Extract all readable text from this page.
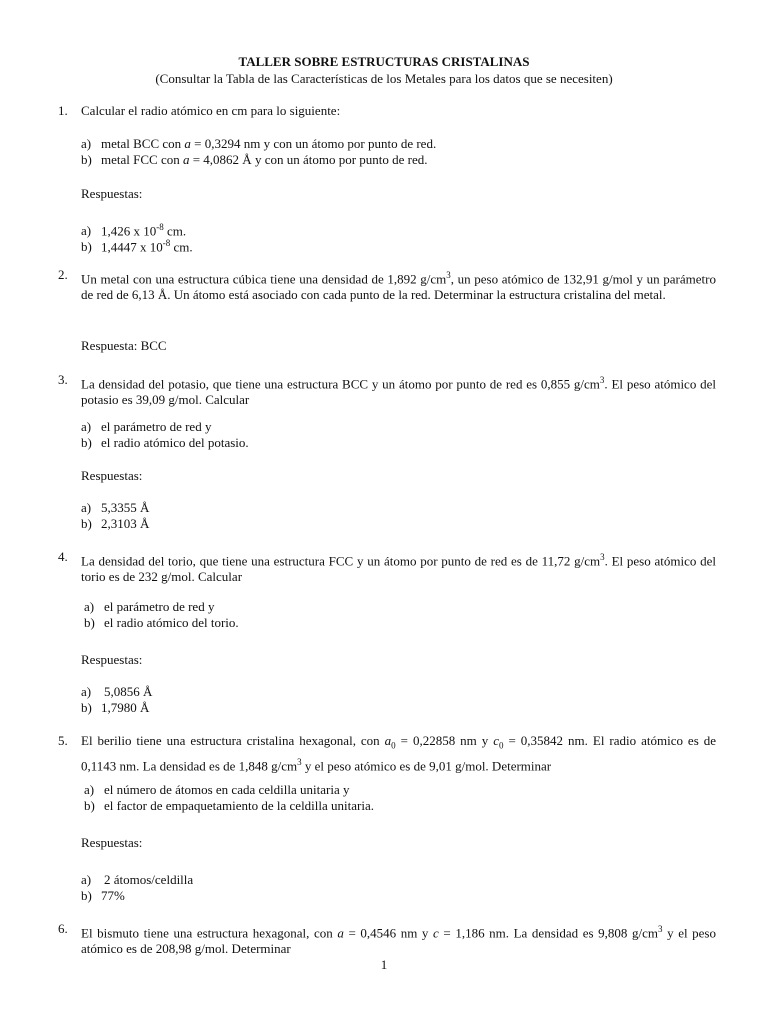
TALLER SOBRE ESTRUCTURAS CRISTALINAS
(Consultar la Tabla de las Características de los Metales para los datos que se necesiten)
1.	Calcular el radio atómico en cm para lo siguiente:
a) metal BCC con a = 0,3294 nm y con un átomo por punto de red.
b) metal FCC con a = 4,0862 Å y con un átomo por punto de red.
Respuestas:
a) 1,426 x $10^{-8}$ cm.
b) 1,4447 x $10^{-8}$ cm.
2.	Un metal con una estructura cúbica tiene una densidad de 1,892 $g/cm^3$, un peso atómico de 132,91 g/mol y un parámetro de red de 6,13 Å. Un átomo está asociado con cada punto de la red. Determinar la estructura cristalina del metal.
Respuesta: BCC
3.	La densidad del potasio, que tiene una estructura BCC y un átomo por punto de red es 0,855 $g/cm^3$. El peso atómico del potasio es 39,09 g/mol. Calcular
a) el parámetro de red y
b) el radio atómico del potasio.
Respuestas:
a) 5,3355 Å
b) 2,3103 Å
4.	La densidad del torio, que tiene una estructura FCC y un átomo por punto de red es de 11,72 $g/cm^3$. El peso atómico del torio es de 232 g/mol. Calcular
a) el parámetro de red y
b) el radio atómico del torio.
Respuestas:
a) 5,0856 Å
b) 1,7980 Å
5.	El berilio tiene una estructura cristalina hexagonal, con $a_0 = 0,22858$ nm y $c_0 = 0,35842$ nm. El radio atómico es de 0,1143 nm. La densidad es de 1,848 $g/cm^3$ y el peso atómico es de 9,01 g/mol. Determinar
a) el número de átomos en cada celdilla unitaria y
b) el factor de empaquetamiento de la celdilla unitaria.
Respuestas:
a) 2 átomos/celdilla
b) 77%
6.	El bismuto tiene una estructura hexagonal, con a = 0,4546 nm y c = 1,186 nm. La densidad es 9,808 $g/cm^3$ y el peso atómico es de 208,98 g/mol. Determinar
1
